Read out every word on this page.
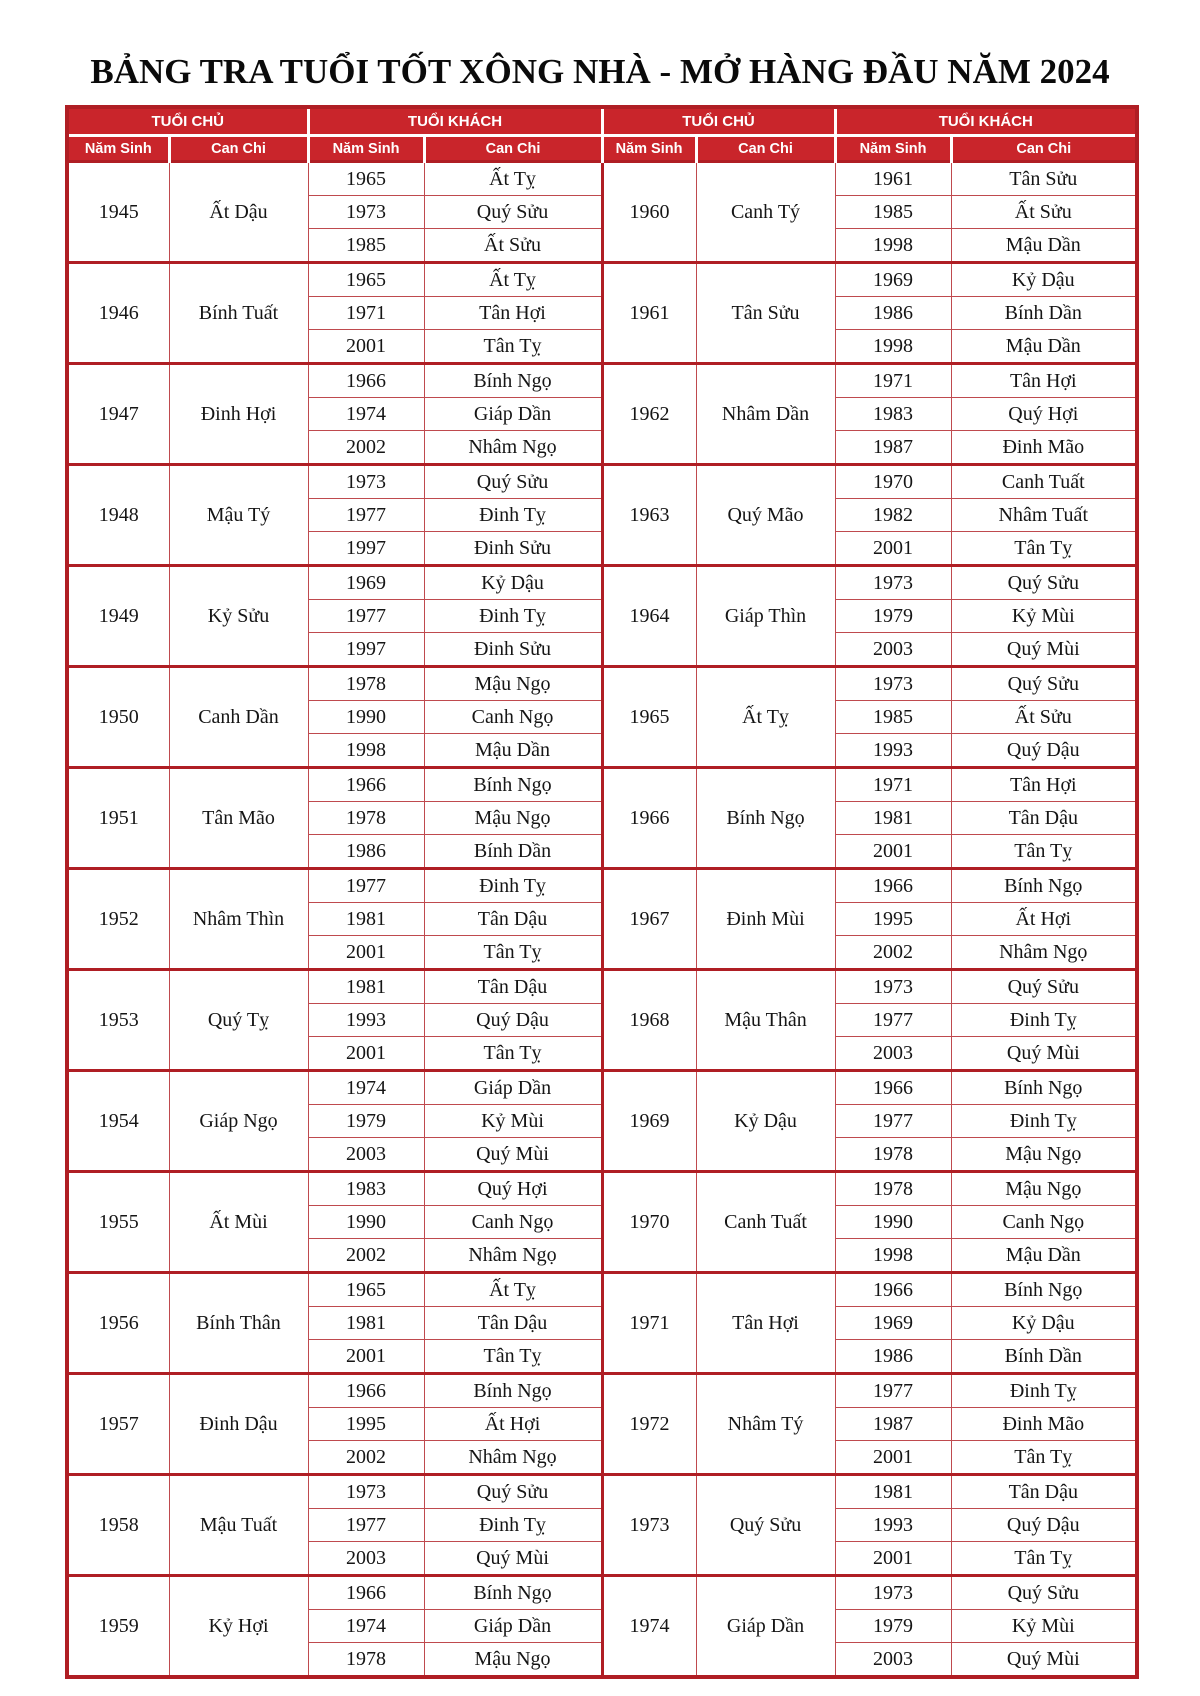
BẢNG TRA TUỔI TỐT XÔNG NHÀ - MỞ HÀNG ĐẦU NĂM 2024
TUỔI CHỦ		TUỔI KHÁCH		TUỔI CHỦ		TUỔI KHÁCH	
Năm Sinh	Can Chi	Năm Sinh	Can Chi	Năm Sinh	Can Chi	Năm Sinh	Can Chi
1945	Ất Dậu	1965	Ất Tỵ	1960	Canh Tý	1961	Tân Sửu
		1973	Quý Sửu			1985	Ất Sửu
		1985	Ất Sửu			1998	Mậu Dần
1946	Bính Tuất	1965	Ất Tỵ	1961	Tân Sửu	1969	Kỷ Dậu
		1971	Tân Hợi			1986	Bính Dần
		2001	Tân Tỵ			1998	Mậu Dần
1947	Đinh Hợi	1966	Bính Ngọ	1962	Nhâm Dần	1971	Tân Hợi
		1974	Giáp Dần			1983	Quý Hợi
		2002	Nhâm Ngọ			1987	Đinh Mão
1948	Mậu Tý	1973	Quý Sửu	1963	Quý Mão	1970	Canh Tuất
		1977	Đinh Tỵ			1982	Nhâm Tuất
		1997	Đinh Sửu			2001	Tân Tỵ
1949	Kỷ Sửu	1969	Kỷ Dậu	1964	Giáp Thìn	1973	Quý Sửu
		1977	Đinh Tỵ			1979	Kỷ Mùi
		1997	Đinh Sửu			2003	Quý Mùi
1950	Canh Dần	1978	Mậu Ngọ	1965	Ất Tỵ	1973	Quý Sửu
		1990	Canh Ngọ			1985	Ất Sửu
		1998	Mậu Dần			1993	Quý Dậu
1951	Tân Mão	1966	Bính Ngọ	1966	Bính Ngọ	1971	Tân Hợi
		1978	Mậu Ngọ			1981	Tân Dậu
		1986	Bính Dần			2001	Tân Tỵ
1952	Nhâm Thìn	1977	Đinh Tỵ	1967	Đinh Mùi	1966	Bính Ngọ
		1981	Tân Dậu			1995	Ất Hợi
		2001	Tân Tỵ			2002	Nhâm Ngọ
1953	Quý Tỵ	1981	Tân Dậu	1968	Mậu Thân	1973	Quý Sửu
		1993	Quý Dậu			1977	Đinh Tỵ
		2001	Tân Tỵ			2003	Quý Mùi
1954	Giáp Ngọ	1974	Giáp Dần	1969	Kỷ Dậu	1966	Bính Ngọ
		1979	Kỷ Mùi			1977	Đinh Tỵ
		2003	Quý Mùi			1978	Mậu Ngọ
1955	Ất Mùi	1983	Quý Hợi	1970	Canh Tuất	1978	Mậu Ngọ
		1990	Canh Ngọ			1990	Canh Ngọ
		2002	Nhâm Ngọ			1998	Mậu Dần
1956	Bính Thân	1965	Ất Tỵ	1971	Tân Hợi	1966	Bính Ngọ
		1981	Tân Dậu			1969	Kỷ Dậu
		2001	Tân Tỵ			1986	Bính Dần
1957	Đinh Dậu	1966	Bính Ngọ	1972	Nhâm Tý	1977	Đinh Tỵ
		1995	Ất Hợi			1987	Đinh Mão
		2002	Nhâm Ngọ			2001	Tân Tỵ
1958	Mậu Tuất	1973	Quý Sửu	1973	Quý Sửu	1981	Tân Dậu
		1977	Đinh Tỵ			1993	Quý Dậu
		2003	Quý Mùi			2001	Tân Tỵ
1959	Kỷ Hợi	1966	Bính Ngọ	1974	Giáp Dần	1973	Quý Sửu
		1974	Giáp Dần			1979	Kỷ Mùi
		1978	Mậu Ngọ			2003	Quý Mùi
